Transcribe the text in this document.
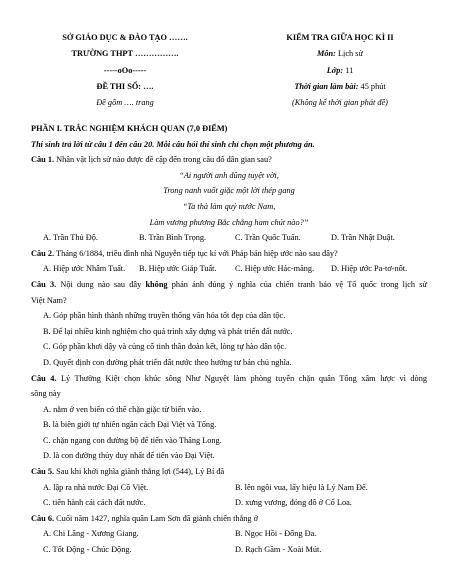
SỞ GIÁO DỤC & ĐÀO TẠO …….
TRƯỜNG THPT …………….
-----oOo-----
ĐỀ THI SỐ: ….
Đề gồm …. trang
KIỂM TRA GIỮA HỌC KÌ II
Môn: Lịch sử
Lớp: 11
Thời gian làm bài: 45 phút
(Không kể thời gian phát đề)
PHẦN I. TRẮC NGHIỆM KHÁCH QUAN (7,0 ĐIỂM)
Thí sinh trả lời từ câu 1 đến câu 20. Mỗi câu hỏi thí sinh chỉ chọn một phương án.
Câu 1. Nhân vật lịch sử nào được đề cập đến trong câu đố dân gian sau?
“Ai người anh dũng tuyệt vời,
Trong nanh vuốt giặc một lời thép gang
“Ta thà làm quỷ nước Nam,
Làm vương phương Bắc chẳng ham chút nào?”
A. Trần Thủ Độ.	B. Trần Bình Trọng.	C. Trần Quốc Tuấn.	D. Trần Nhật Duật.
Câu 2. Tháng 6/1884, triều đình nhà Nguyễn tiếp tục kí với Pháp bản hiệp ước nào sau đây?
A. Hiệp ước Nhâm Tuất.	B. Hiệp ước Giáp Tuất.	C. Hiệp ước Hác-măng.	D. Hiệp ước Pa-tơ-nốt.
Câu 3. Nội dung nào sau đây không phản ánh đúng ý nghĩa của chiến tranh bảo vệ Tổ quốc trong lịch sử
Việt Nam?
A. Góp phần hình thành những truyền thống văn hóa tốt đẹp của dân tộc.
B. Để lại nhiều kinh nghiệm cho quá trình xây dựng và phát triển đất nước.
C. Góp phần khơi dậy và củng cố tinh thần đoàn kết, lòng tự hào dân tộc.
D. Quyết định con đường phát triển đất nước theo hướng tư bản chủ nghĩa.
Câu 4. Lý Thường Kiệt chọn khúc sông Như Nguyệt làm phòng tuyến chặn quân Tống xâm lược vì dòng
sông này
A. nằm ở ven biển có thể chặn giặc từ biển vào.
B. là biên giới tự nhiên ngăn cách Đại Việt và Tống.
C. chặn ngang con đường bộ để tiến vào Thăng Long.
D. là con đường thủy duy nhất để tiến vào Đại Việt.
Câu 5. Sau khi khởi nghĩa giành thắng lợi (544), Lý Bí đã
A. lập ra nhà nước Đại Cồ Việt.	B. lên ngôi vua, lấy hiệu là Lý Nam Đế.
C. tiến hành cải cách đất nước.	D. xưng vương, đóng đô ở Cổ Loa.
Câu 6. Cuối năm 1427, nghĩa quân Lam Sơn đã giành chiến thắng ở
A. Chi Lăng - Xương Giang.	B. Ngọc Hồi - Đống Đa.
C. Tốt Động - Chúc Động.	D. Rạch Gầm - Xoài Mút.
